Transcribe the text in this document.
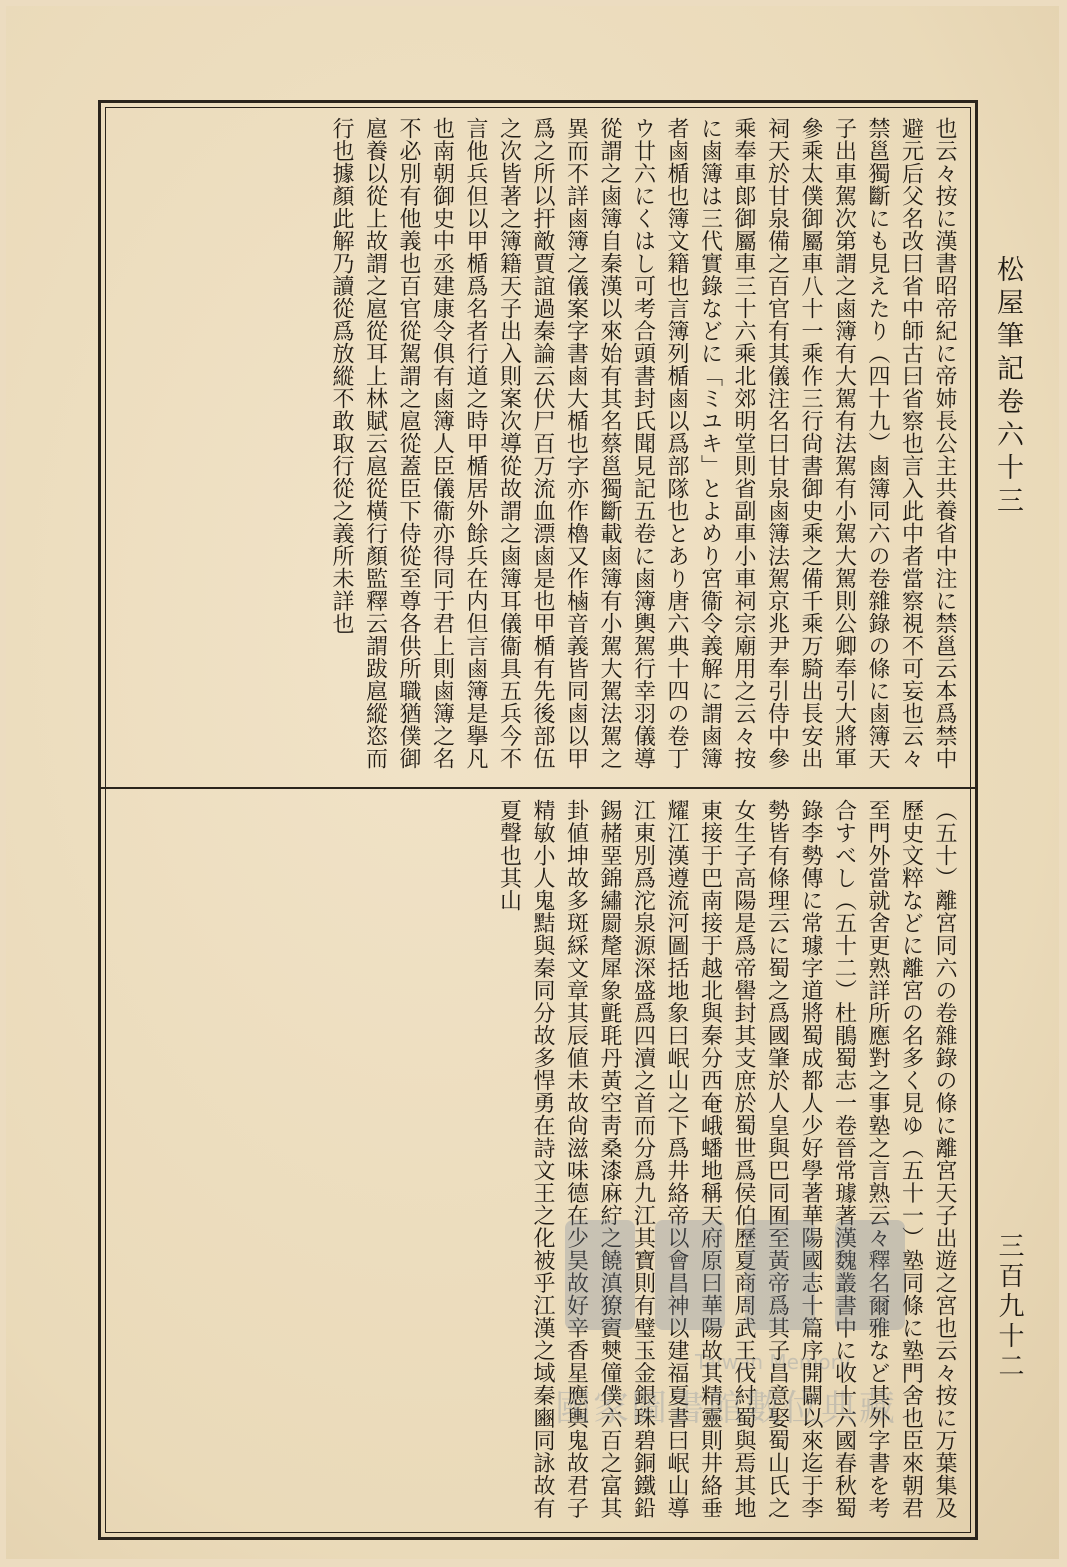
松屋筆記卷六十三
三百九十二
也云々按に漢書昭帝紀に帝姉長公主共養省中注に禁邕云本爲禁中避元后父名改曰省中師古曰省察也言入此中者當察視不可妄也云々禁邕獨斷にも見えたり（四十九）鹵簿同六の卷雜錄の條に鹵簿天子出車駕次第謂之鹵簿有大駕有法駕有小駕大駕則公卿奉引大將軍參乘太僕御屬車八十一乘作三行尙書御史乘之備千乘万騎出長安出祠天於甘泉備之百官有其儀注名曰甘泉鹵簿法駕京兆尹奉引侍中參乘奉車郞御屬車三十六乘北郊明堂則省副車小車祠宗廟用之云々按に鹵簿は三代實錄などに「ミユキ」とよめり宮衞令義解に謂鹵簿者鹵楯也簿文籍也言簿列楯鹵以爲部隊也とあり唐六典十四の卷丁ウ廿六にくはし可考合頭書封氏聞見記五卷に鹵簿輿駕行幸羽儀導從謂之鹵簿自秦漢以來始有其名蔡邕獨斷載鹵簿有小駕大駕法駕之異而不詳鹵簿之儀案字書鹵大楯也字亦作櫓又作樐音義皆同鹵以甲爲之所以扞敵賈誼過秦論云伏尸百万流血漂鹵是也甲楯有先後部伍之次皆著之簿籍天子出入則案次導從故謂之鹵簿耳儀衞具五兵今不言他兵但以甲楯爲名者行道之時甲楯居外餘兵在内但言鹵簿是擧凡也南朝御史中丞建康令俱有鹵簿人臣儀衞亦得同于君上則鹵簿之名不必別有他義也百官從駕謂之扈從蓋臣下侍從至尊各供所職猶僕御扈養以從上故謂之扈從耳上林賦云扈從橫行顏監釋云謂跋扈縱恣而行也據顏此解乃讀從爲放縱不敢取行從之義所未詳也
（五十）離宮同六の卷雜錄の條に離宮天子出遊之宮也云々按に万葉集及歷史文粹などに離宮の名多く見ゆ（五十一）塾同條に塾門舍也臣來朝君至門外當就舍更熟詳所應對之事塾之言熟云々釋名爾雅など其外字書を考合すべし（五十二）杜鵑蜀志一卷晉常璩著漢魏叢書中に收十六國春秋蜀錄李勢傳に常璩字道將蜀成都人少好學著華陽國志十篇序開闢以來迄于李勢皆有條理云に蜀之爲國肇於人皇與巴同囿至黃帝爲其子昌意娶蜀山氏之女生子高陽是爲帝嚳封其支庶於蜀世爲侯伯歷夏商周武王伐紂蜀與焉其地東接于巴南接于越北與秦分西奄峨蟠地稱天府原曰華陽故其精靈則井絡垂耀江漢遵流河圖括地象曰岷山之下爲井絡帝以會昌神以建福夏書曰岷山導江東別爲沱泉源深盛爲四瀆之首而分爲九江其寶則有璧玉金銀珠碧銅鐵鉛錫赭堊錦繡罽氂犀象氈毦丹黃空靑桑漆麻紵之饒滇獠賨僰僮僕六百之富其卦値坤故多斑綵文章其辰値未故尙滋味德在少昊故好辛香星應輿鬼故君子精敏小人鬼黠與秦同分故多悍勇在詩文王之化被乎江漢之域秦豳同詠故有夏聲也其山
Taiwan Memory
國家圖書館數位典藏
